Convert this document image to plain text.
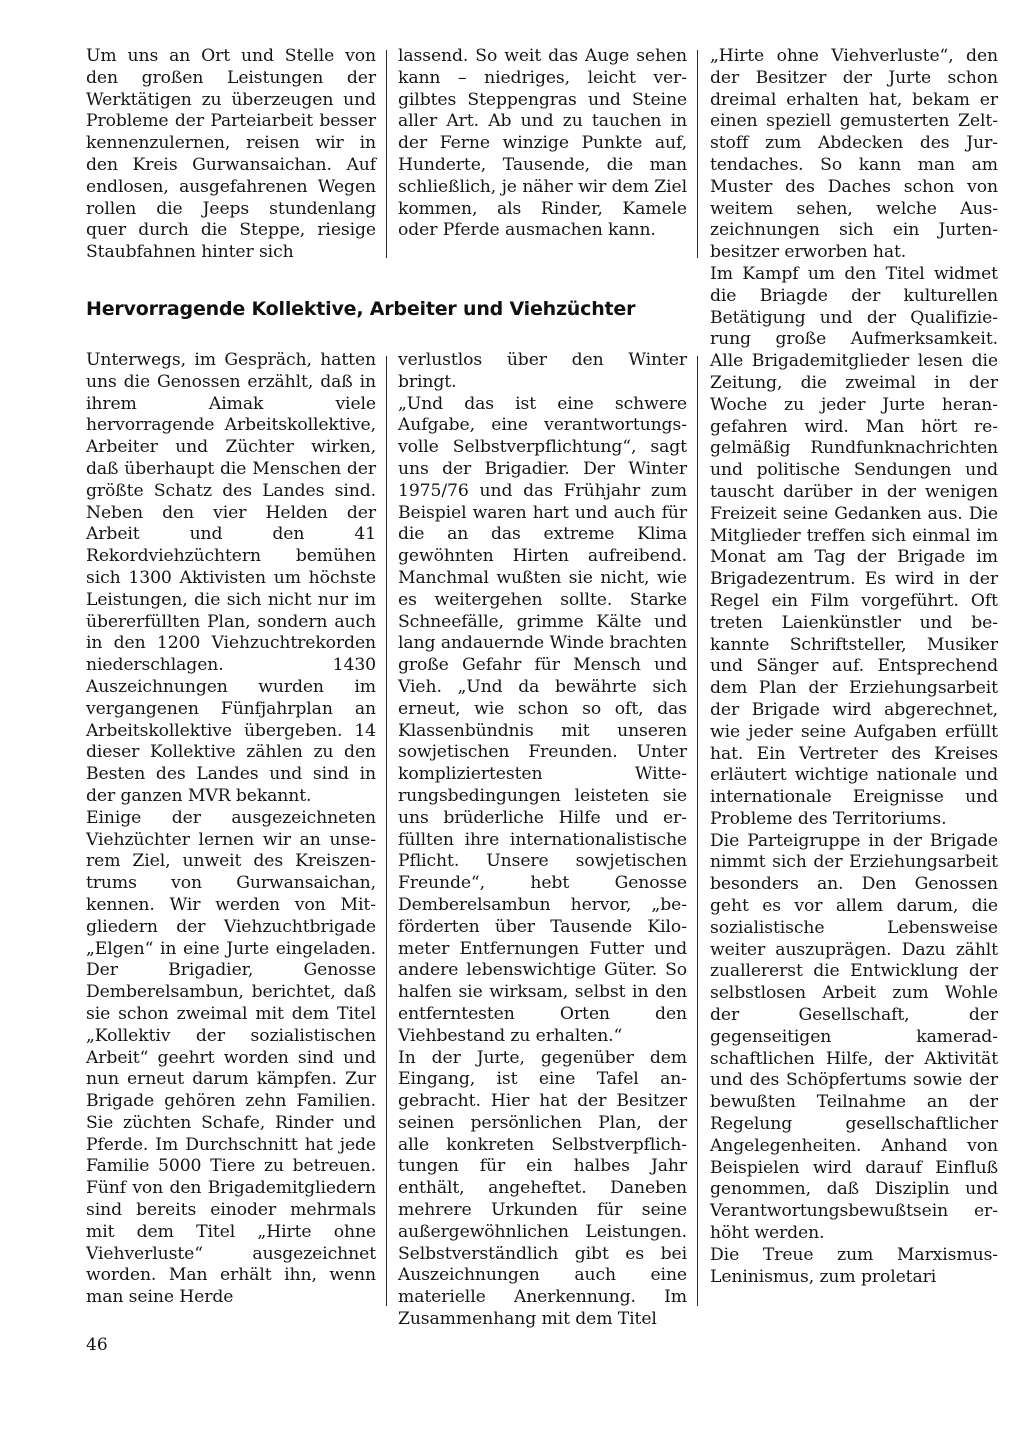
Um uns an Ort und Stelle von den großen Leistungen der Werktätigen zu überzeugen und Probleme der Parteiarbeit besser kennenzulernen, reisen wir in den Kreis Gurwansaichan. Auf endlosen, ausgefahrenen Wegen rollen die Jeeps stundenlang quer durch die Steppe, riesige Staubfahnen hinter sich

lassend. So weit das Auge sehen kann – niedriges, leicht vergilbtes Steppengras und Steine aller Art. Ab und zu tauchen in der Ferne winzige Punkte auf, Hunderte, Tausende, die man schließlich, je näher wir dem Ziel kommen, als Rinder, Kamele oder Pferde ausmachen kann.

Hervorragende Kollektive, Arbeiter und Viehzüchter

Unterwegs, im Gespräch, hatten uns die Genossen erzählt, daß in ihrem Aimak viele hervorragende Arbeitskollektive, Arbeiter und Züchter wirken, daß überhaupt die Menschen der größte Schatz des Landes sind. Neben den vier Helden der Arbeit und den 41 Rekordviehzüchtern bemühen sich 1300 Aktivisten um höchste Leistungen, die sich nicht nur im übererfüllten Plan, sondern auch in den 1200 Viehzuchtrekorden niederschlagen. 1430 Auszeichnungen wurden im vergangenen Fünfjahrplan an Arbeitskollektive übergeben. 14 dieser Kollektive zählen zu den Besten des Landes und sind in der ganzen MVR bekannt.

Einige der ausgezeichneten Viehzüchter lernen wir an unserem Ziel, unweit des Kreiszentrums von Gurwansaichan, kennen. Wir werden von Mitgliedern der Viehzuchtbrigade „Elgen“ in eine Jurte eingeladen. Der Brigadier, Genosse Demberelsambun, berichtet, daß sie schon zweimal mit dem Titel „Kollektiv der sozialistischen Arbeit“ geehrt worden sind und nun erneut darum kämpfen. Zur Brigade gehören zehn Familien. Sie züchten Schafe, Rinder und Pferde. Im Durchschnitt hat jede Familie 5000 Tiere zu betreuen. Fünf von den Brigademitgliedern sind bereits einoder mehrmals mit dem Titel „Hirte ohne Viehverluste“ ausgezeichnet worden. Man erhält ihn, wenn man seine Herde

verlustlos über den Winter bringt.

„Und das ist eine schwere Aufgabe, eine verantwortungsvolle Selbstverpflichtung“, sagt uns der Brigadier. Der Winter 1975/76 und das Frühjahr zum Beispiel waren hart und auch für die an das extreme Klima gewöhnten Hirten aufreibend. Manchmal wußten sie nicht, wie es weitergehen sollte. Starke Schneefälle, grimme Kälte und lang andauernde Winde brachten große Gefahr für Mensch und Vieh. „Und da bewährte sich erneut, wie schon so oft, das Klassenbündnis mit unseren sowjetischen Freunden. Unter kompliziertesten Witterungsbedingungen leisteten sie uns brüderliche Hilfe und erfüllten ihre internationalistische Pflicht. Unsere sowjetischen Freunde“, hebt Genosse Demberelsambun hervor, „beförderten über Tausende Kilometer Entfernungen Futter und andere lebenswichtige Güter. So halfen sie wirksam, selbst in den entferntesten Orten den Viehbestand zu erhalten.“

In der Jurte, gegenüber dem Eingang, ist eine Tafel angebracht. Hier hat der Besitzer seinen persönlichen Plan, der alle konkreten Selbstverpflichtungen für ein halbes Jahr enthält, angeheftet. Daneben mehrere Urkunden für seine außergewöhnlichen Leistungen. Selbstverständlich gibt es bei Auszeichnungen auch eine materielle Anerkennung. Im Zusammenhang mit dem Titel

„Hirte ohne Viehverluste“, den der Besitzer der Jurte schon dreimal erhalten hat, bekam er einen speziell gemusterten Zeltstoff zum Abdecken des Jurtendaches. So kann man am Muster des Daches schon von weitem sehen, welche Auszeichnungen sich ein Jurtenbesitzer erworben hat.

Im Kampf um den Titel widmet die Briagde der kulturellen Betätigung und der Qualifizierung große Aufmerksamkeit. Alle Brigademitglieder lesen die Zeitung, die zweimal in der Woche zu jeder Jurte herangefahren wird. Man hört regelmäßig Rundfunknachrichten und politische Sendungen und tauscht darüber in der wenigen Freizeit seine Gedanken aus. Die Mitglieder treffen sich einmal im Monat am Tag der Brigade im Brigadezentrum. Es wird in der Regel ein Film vorgeführt. Oft treten Laienkünstler und bekannte Schriftsteller, Musiker und Sänger auf. Entsprechend dem Plan der Erziehungsarbeit der Brigade wird abgerechnet, wie jeder seine Aufgaben erfüllt hat. Ein Vertreter des Kreises erläutert wichtige nationale und internationale Ereignisse und Probleme des Territoriums.

Die Parteigruppe in der Brigade nimmt sich der Erziehungsarbeit besonders an. Den Genossen geht es vor allem darum, die sozialistische Lebensweise weiter auszuprägen. Dazu zählt zuallererst die Entwicklung der selbstlosen Arbeit zum Wohle der Gesellschaft, der gegenseitigen kameradschaftlichen Hilfe, der Aktivität und des Schöpfertums sowie der bewußten Teilnahme an der Regelung gesellschaftlicher Angelegenheiten. Anhand von Beispielen wird darauf Einfluß genommen, daß Disziplin und Verantwortungsbewußtsein erhöht werden.

Die Treue zum Marxismus-Leninismus, zum proletari

46
